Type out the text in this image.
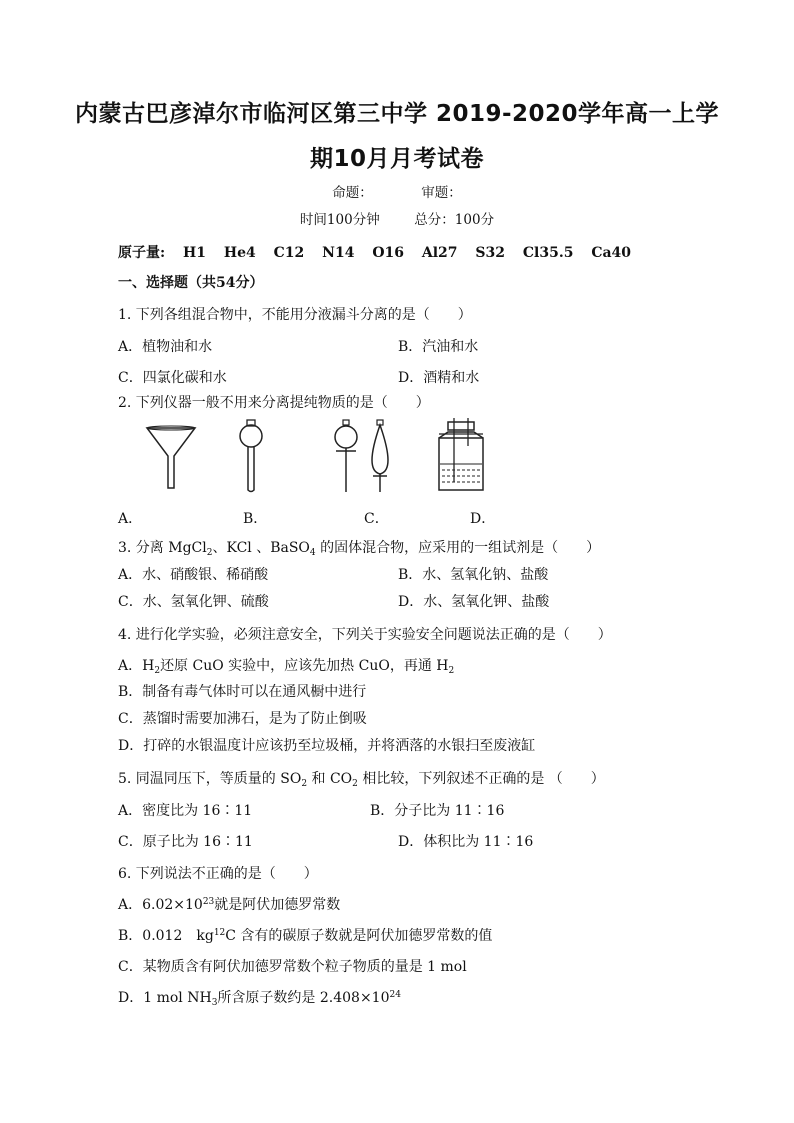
内蒙古巴彦淖尔市临河区第三中学 2019-2020学年高一上学
期10月月考试卷
命题：	审题：
时间100分钟	总分：100分
原子量: H1 He4 C12 N14 O16 Al27 S32 Cl35.5 Ca40
一、选择题（共54分）
1. 下列各组混合物中，不能用分液漏斗分离的是（　　）
A．植物油和水	B．汽油和水
C．四氯化碳和水	D．酒精和水
2. 下列仪器一般不用来分离提纯物质的是（　　）
A．	B．	C．	D．
3. 分离 MgCl$_2$、KCl 、BaSO$_4$ 的固体混合物，应采用的一组试剂是（　　）
A．水、硝酸银、稀硝酸	B．水、氢氧化钠、盐酸
C．水、氢氧化钾、硫酸	D．水、氢氧化钾、盐酸
4. 进行化学实验，必须注意安全，下列关于实验安全问题说法正确的是（　　）
A．$H_2$还原 CuO 实验中，应该先加热 CuO，再通 $H_2$
B．制备有毒气体时可以在通风橱中进行
C．蒸馏时需要加沸石，是为了防止倒吸
D．打碎的水银温度计应该扔至垃圾桶，并将洒落的水银扫至废液缸
5. 同温同压下，等质量的 $SO_2$ 和 $CO_2$ 相比较，下列叙述不正确的是 （　　）
A．密度比为 16∶11	B．分子比为 11∶16
C．原子比为 16∶11	D．体积比为 11∶16
6. 下列说法不正确的是（　　）
A．$6.02\times 10^{23}$就是阿伏加德罗常数
B．0.012　$kg^{12}C$ 含有的碳原子数就是阿伏加德罗常数的值
C．某物质含有阿伏加德罗常数个粒子物质的量是 1 mol
D．1 mol $NH_3$所含原子数约是 $2.408\times 10^{24}$
